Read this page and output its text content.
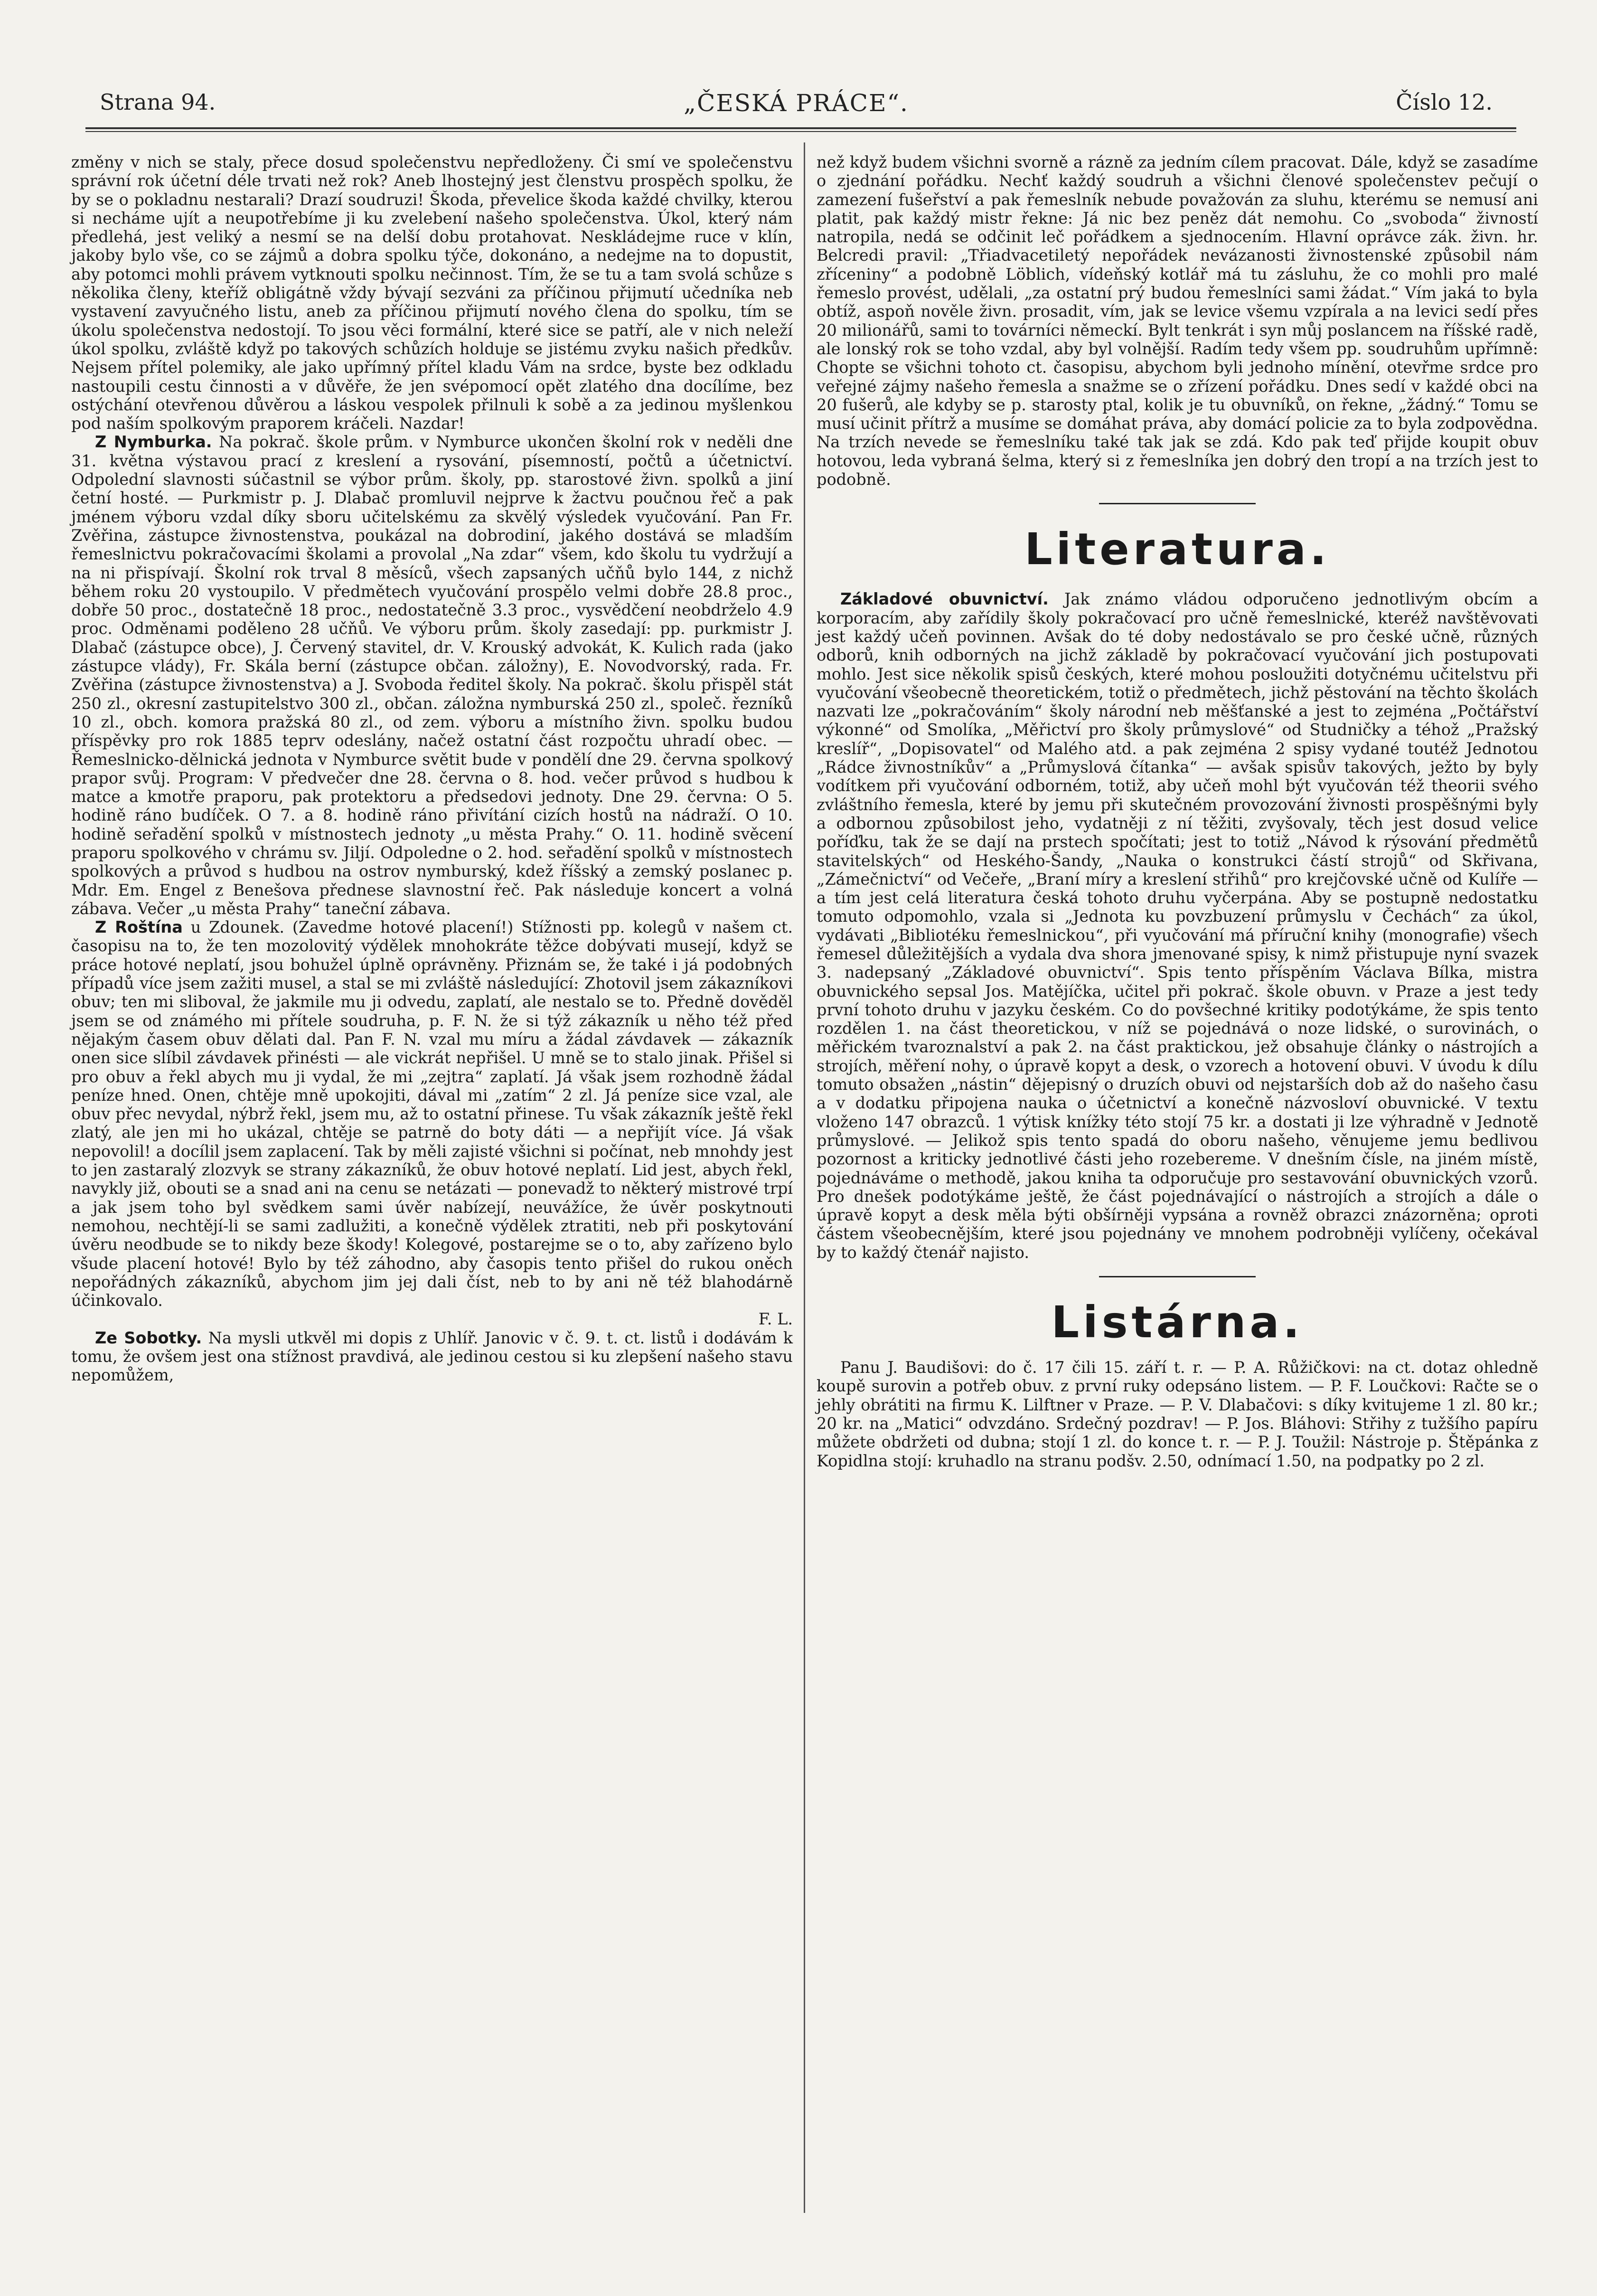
Strana 94.	„ČESKÁ PRÁCE“.	Číslo 12.

změny v nich se staly, přece dosud společenstvu nepředloženy. Či smí ve společenstvu správní rok účetní déle trvati než rok? Aneb lhostejný jest členstvu prospěch spolku, že by se o pokladnu nestarali? Drazí soudruzi! Škoda, převelice škoda každé chvilky, kterou si necháme ujít a neupotřebíme ji ku zvelebení našeho společenstva. Úkol, který nám předlehá, jest veliký a nesmí se na delší dobu protahovat. Neskládejme ruce v klín, jakoby bylo vše, co se zájmů a dobra spolku týče, dokonáno, a nedejme na to dopustit, aby potomci mohli právem vytknouti spolku nečinnost. Tím, že se tu a tam svolá schůze s několika členy, kteříž obligátně vždy bývají sezváni za příčinou přijmutí učedníka neb vystavení zavyučného listu, aneb za příčinou přijmutí nového člena do spolku, tím se úkolu společenstva nedostojí. To jsou věci formální, které sice se patří, ale v nich neleží úkol spolku, zvláště když po takových schůzích holduje se jistému zvyku našich předkův. Nejsem přítel polemiky, ale jako upřímný přítel kladu Vám na srdce, byste bez odkladu nastoupili cestu činnosti a v důvěře, že jen svépomocí opět zlatého dna docílíme, bez ostýchání otevřenou důvěrou a láskou vespolek přilnuli k sobě a za jedinou myšlenkou pod naším spolkovým praporem kráčeli. Nazdar!

Z Nymburka. Na pokrač. škole prům. v Nymburce ukončen školní rok v neděli dne 31. května výstavou prací z kreslení a rysování, písemností, počtů a účetnictví. Odpolední slavnosti súčastnil se výbor prům. školy, pp. starostové živn. spolků a jiní četní hosté. — Purkmistr p. J. Dlabač promluvil nejprve k žactvu poučnou řeč a pak jménem výboru vzdal díky sboru učitelskému za skvělý výsledek vyučování. Pan Fr. Zvěřina, zástupce živnostenstva, poukázal na dobrodiní, jakého dostává se mladším řemeslnictvu pokračovacími školami a provolal „Na zdar“ všem, kdo školu tu vydržují a na ni přispívají. Školní rok trval 8 měsíců, všech zapsaných učňů bylo 144, z nichž během roku 20 vystoupilo. V předmětech vyučování prospělo velmi dobře 28.8 proc., dobře 50 proc., dostatečně 18 proc., nedostatečně 3.3 proc., vysvědčení neobdrželo 4.9 proc. Odměnami poděleno 28 učňů. Ve výboru prům. školy zasedají: pp. purkmistr J. Dlabač (zástupce obce), J. Červený stavitel, dr. V. Krouský advokát, K. Kulich rada (jako zástupce vlády), Fr. Skála berní (zástupce občan. záložny), E. Novodvorský, rada. Fr. Zvěřina (zástupce živnostenstva) a J. Svoboda ředitel školy. Na pokrač. školu přispěl stát 250 zl., okresní zastupitelstvo 300 zl., občan. záložna nymburská 250 zl., společ. řezníků 10 zl., obch. komora pražská 80 zl., od zem. výboru a místního živn. spolku budou příspěvky pro rok 1885 teprv odeslány, načež ostatní část rozpočtu uhradí obec. — Řemeslnicko-dělnická jednota v Nymburce světit bude v pondělí dne 29. června spolkový prapor svůj. Program: V předvečer dne 28. června o 8. hod. večer průvod s hudbou k matce a kmotře praporu, pak protektoru a předsedovi jednoty. Dne 29. června: O 5. hodině ráno budíček. O 7. a 8. hodině ráno přivítání cizích hostů na nádraží. O 10. hodině seřadění spolků v místnostech jednoty „u města Prahy.“ O. 11. hodině svěcení praporu spolkového v chrámu sv. Jiljí. Odpoledne o 2. hod. seřadění spolků v místnostech spolkových a průvod s hudbou na ostrov nymburský, kdež říšský a zemský poslanec p. Mdr. Em. Engel z Benešova přednese slavnostní řeč. Pak následuje koncert a volná zábava. Večer „u města Prahy“ taneční zábava.

Z Roštína u Zdounek. (Zavedme hotové placení!) Stížnosti pp. kolegů v našem ct. časopisu na to, že ten mozolovitý výdělek mnohokráte těžce dobývati musejí, když se práce hotové neplatí, jsou bohužel úplně oprávněny. Přiznám se, že také i já podobných případů více jsem zažiti musel, a stal se mi zvláště následující: Zhotovil jsem zákazníkovi obuv; ten mi sliboval, že jakmile mu ji odvedu, zaplatí, ale nestalo se to. Předně dověděl jsem se od známého mi přítele soudruha, p. F. N. že si týž zákazník u něho též před nějakým časem obuv dělati dal. Pan F. N. vzal mu míru a žádal závdavek — zákazník onen sice slíbil závdavek přinésti — ale vickrát nepřišel. U mně se to stalo jinak. Přišel si pro obuv a řekl abych mu ji vydal, že mi „zejtra“ zaplatí. Já však jsem rozhodně žádal peníze hned. Onen, chtěje mně upokojiti, dával mi „zatím“ 2 zl. Já peníze sice vzal, ale obuv přec nevydal, nýbrž řekl, jsem mu, až to ostatní přinese. Tu však zákazník ještě řekl zlatý, ale jen mi ho ukázal, chtěje se patrně do boty dáti — a nepřijít více. Já však nepovolil! a docílil jsem zaplacení. Tak by měli zajisté všichni si počínat, neb mnohdy jest to jen zastaralý zlozvyk se strany zákazníků, že obuv hotové neplatí. Lid jest, abych řekl, navykly již, obouti se a snad ani na cenu se netázati — ponevadž to některý mistrové trpí a jak jsem toho byl svědkem sami úvěr nabízejí, neuvážíce, že úvěr poskytnouti nemohou, nechtějí-li se sami zadlužiti, a konečně výdělek ztratiti, neb při poskytování úvěru neodbude se to nikdy beze škody! Kolegové, postarejme se o to, aby zařízeno bylo všude placení hotové! Bylo by též záhodno, aby časopis tento přišel do rukou oněch nepořádných zákazníků, abychom jim jej dali číst, neb to by ani ně též blahodárně účinkovalo.

F. L.

Ze Sobotky. Na mysli utkvěl mi dopis z Uhlíř. Janovic v č. 9. t. ct. listů i dodávám k tomu, že ovšem jest ona stížnost pravdivá, ale jedinou cestou si ku zlepšení našeho stavu nepomůžem,

než když budem všichni svorně a rázně za jedním cílem pracovat. Dále, když se zasadíme o zjednání pořádku. Nechť každý soudruh a všichni členové společenstev pečují o zamezení fušeřství a pak řemeslník nebude považován za sluhu, kterému se nemusí ani platit, pak každý mistr řekne: Já nic bez peněz dát nemohu. Co „svoboda“ živností natropila, nedá se odčinit leč pořádkem a sjednocením. Hlavní oprávce zák. živn. hr. Belcredi pravil: „Třiadvacetiletý nepořádek nevázanosti živnostenské způsobil nám zříceniny“ a podobně Löblich, vídeňský kotlář má tu zásluhu, že co mohli pro malé řemeslo provést, udělali, „za ostatní prý budou řemeslníci sami žádat.“ Vím jaká to byla obtíž, aspoň nověle živn. prosadit, vím, jak se levice všemu vzpírala a na levici sedí přes 20 milionářů, sami to továrníci německí. Bylt tenkrát i syn můj poslancem na říšské radě, ale lonský rok se toho vzdal, aby byl volnější. Radím tedy všem pp. soudruhům upřímně: Chopte se všichni tohoto ct. časopisu, abychom byli jednoho mínění, otevřme srdce pro veřejné zájmy našeho řemesla a snažme se o zřízení pořádku. Dnes sedí v každé obci na 20 fušerů, ale kdyby se p. starosty ptal, kolik je tu obuvníků, on řekne, „žádný.“ Tomu se musí učinit přítrž a musíme se domáhat práva, aby domácí policie za to byla zodpovědna. Na trzích nevede se řemeslníku také tak jak se zdá. Kdo pak teď přijde koupit obuv hotovou, leda vybraná šelma, který si z řemeslníka jen dobrý den tropí a na trzích jest to podobně.

Literatura.

Základové obuvnictví. Jak známo vládou odporučeno jednotlivým obcím a korporacím, aby zařídily školy pokračovací pro učně řemeslnické, kteréž navštěvovati jest každý učeň povinnen. Avšak do té doby nedostávalo se pro české učně, různých odborů, knih odborných na jichž základě by pokračovací vyučování jich postupovati mohlo. Jest sice několik spisů českých, které mohou posloužiti dotyčnému učitelstvu při vyučování všeobecně theoretickém, totiž o předmětech, jichž pěstování na těchto školách nazvati lze „pokračováním“ školy národní neb měšťanské a jest to zejména „Počtářství výkonné“ od Smolíka, „Měřictví pro školy průmyslové“ od Studničky a téhož „Pražský kreslíř“, „Dopisovatel“ od Malého atd. a pak zejména 2 spisy vydané toutéž Jednotou „Rádce živnostníkův“ a „Průmyslová čítanka“ — avšak spisův takových, ježto by byly vodítkem při vyučování odborném, totiž, aby učeň mohl být vyučován též theorii svého zvláštního řemesla, které by jemu při skutečném provozování živnosti prospěšnými byly a odbornou způsobilost jeho, vydatněji z ní těžiti, zvyšovaly, těch jest dosud velice poříďku, tak že se dají na prstech spočítati; jest to totiž „Návod k rýsování předmětů stavitelských“ od Heského-Šandy, „Nauka o konstrukci částí strojů“ od Skřivana, „Zámečnictví“ od Večeře, „Braní míry a kreslení střihů“ pro krejčovské učně od Kulíře — a tím jest celá literatura česká tohoto druhu vyčerpána. Aby se postupně nedostatku tomuto odpomohlo, vzala si „Jednota ku povzbuzení průmyslu v Čechách“ za úkol, vydávati „Bibliotéku řemeslnickou“, při vyučování má příruční knihy (monografie) všech řemesel důležitějších a vydala dva shora jmenované spisy, k nimž přistupuje nyní svazek 3. nadepsaný „Základové obuvnictví“. Spis tento příspěním Václava Bílka, mistra obuvnického sepsal Jos. Matějíčka, učitel při pokrač. škole obuvn. v Praze a jest tedy první tohoto druhu v jazyku českém. Co do povšechné kritiky podotýkáme, že spis tento rozdělen 1. na část theoretickou, v níž se pojednává o noze lidské, o surovinách, o měřickém tvaroznalství a pak 2. na část praktickou, jež obsahuje články o nástrojích a strojích, měření nohy, o úpravě kopyt a desk, o vzorech a hotovení obuvi. V úvodu k dílu tomuto obsažen „nástin“ dějepisný o druzích obuvi od nejstarších dob až do našeho času a v dodatku připojena nauka o účetnictví a konečně názvosloví obuvnické. V textu vloženo 147 obrazců. 1 výtisk knížky této stojí 75 kr. a dostati ji lze výhradně v Jednotě průmyslové. — Jelikož spis tento spadá do oboru našeho, věnujeme jemu bedlivou pozornost a kriticky jednotlivé části jeho rozebereme. V dnešním čísle, na jiném místě, pojednáváme o methodě, jakou kniha ta odporučuje pro sestavování obuvnických vzorů. Pro dnešek podotýkáme ještě, že část pojednávající o nástrojích a strojích a dále o úpravě kopyt a desk měla býti obšírněji vypsána a rovněž obrazci znázorněna; oproti částem všeobecnějším, které jsou pojednány ve mnohem podrobněji vylíčeny, očekával by to každý čtenář najisto.

Listárna.

Panu J. Baudišovi: do č. 17 čili 15. září t. r. — P. A. Růžičkovi: na ct. dotaz ohledně koupě surovin a potřeb obuv. z první ruky odepsáno listem. — P. F. Loučkovi: Račte se o jehly obrátiti na firmu K. Lilftner v Praze. — P. V. Dlabačovi: s díky kvitujeme 1 zl. 80 kr.; 20 kr. na „Matici“ odvzdáno. Srdečný pozdrav! — P. Jos. Bláhovi: Střihy z tužšího papíru můžete obdržeti od dubna; stojí 1 zl. do konce t. r. — P. J. Toužil: Nástroje p. Štěpánka z Kopidlna stojí: kruhadlo na stranu podšv. 2.50, odnímací 1.50, na podpatky po 2 zl.
